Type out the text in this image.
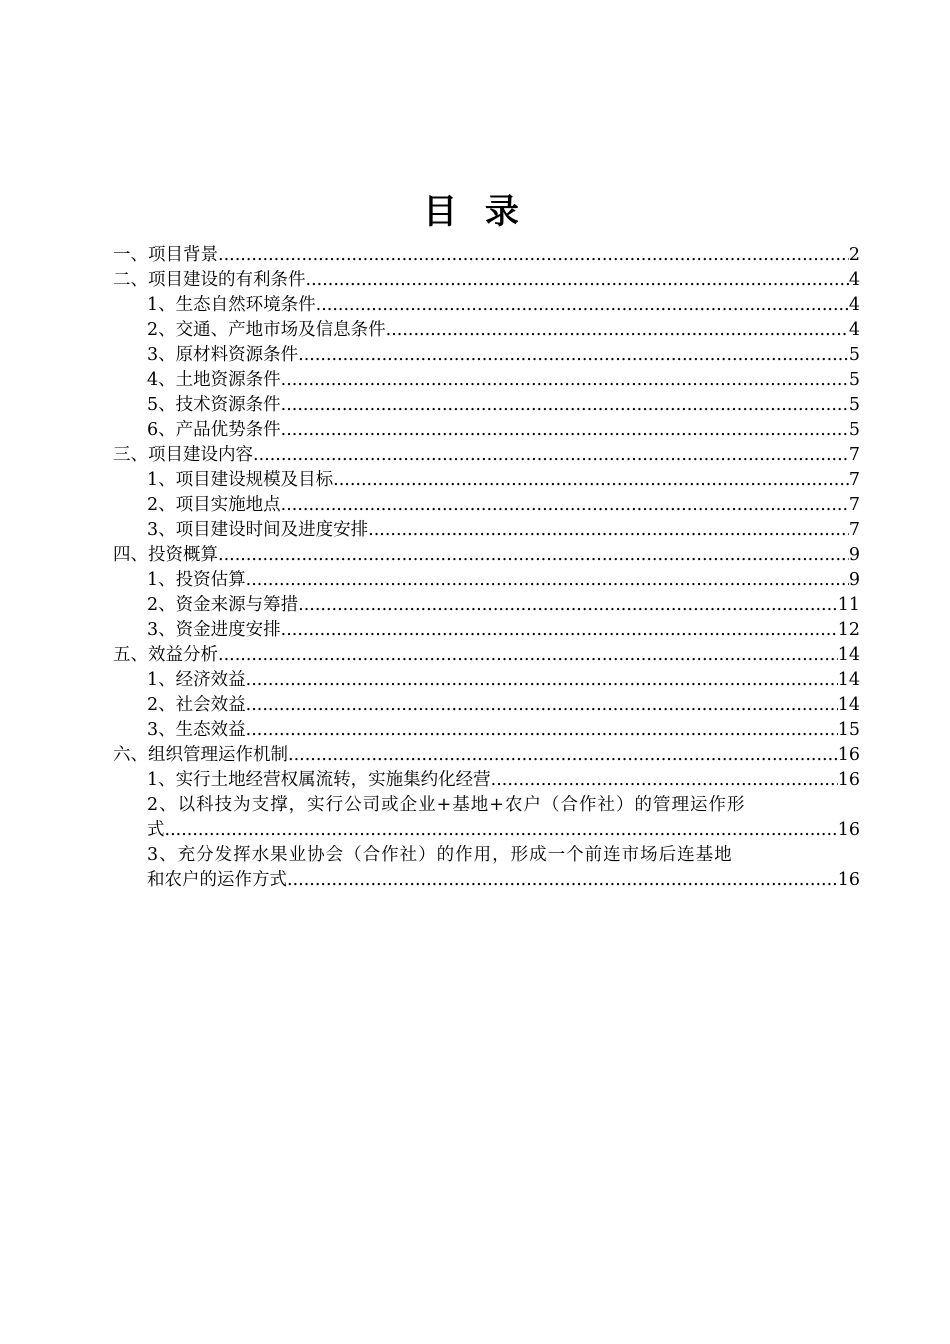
目 录
一、项目背景 .....	2
二、项目建设的有利条件 .....	4
1、生态自然环境条件 .....	4
2、交通、产地市场及信息条件 .....	4
3、原材料资源条件 .....	5
4、土地资源条件 .....	5
5、技术资源条件 .....	5
6、产品优势条件 .....	5
三、项目建设内容 .....	7
1、项目建设规模及目标 .....	7
2、项目实施地点 .....	7
3、项目建设时间及进度安排 .....	7
四、投资概算 .....	9
1、投资估算 .....	9
2、资金来源与筹措 .....	11
3、资金进度安排 .....	12
五、效益分析 .....	14
1、经济效益 .....	14
2、社会效益 .....	14
3、生态效益 .....	15
六、组织管理运作机制 .....	16
1、实行土地经营权属流转，实施集约化经营 .....	16
2、以科技为支撑，实行公司或企业+基地+农户（合作社）的管理运作形
式 .....	16
3、充分发挥水果业协会（合作社）的作用，形成一个前连市场后连基地
和农户的运作方式 .....	16
